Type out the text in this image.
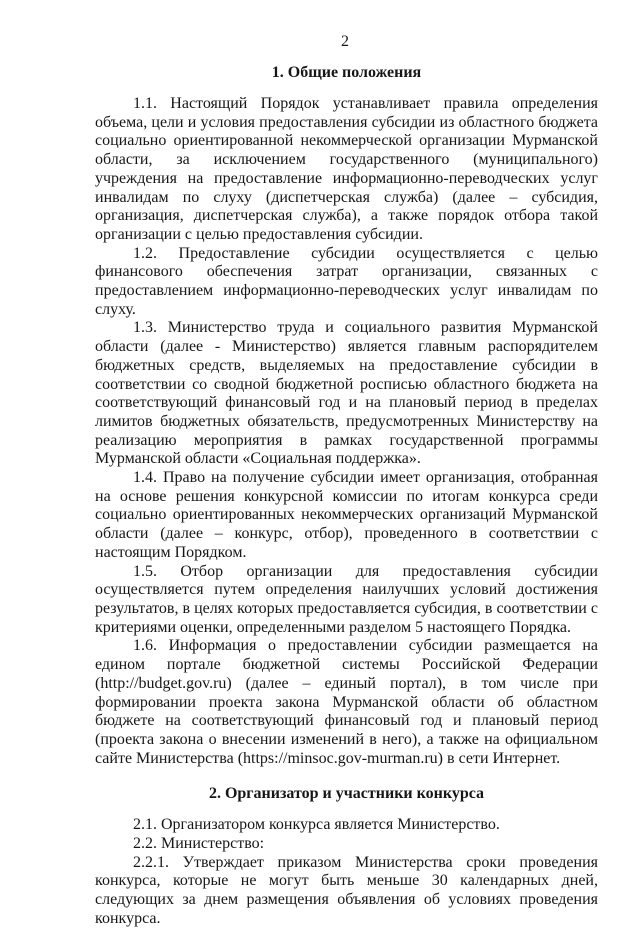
2
1. Общие положения

1.1. Настоящий Порядок устанавливает правила определения объема, цели и условия предоставления субсидии из областного бюджета социально ориентированной некоммерческой организации Мурманской области, за исключением государственного (муниципального) учреждения на предоставление информационно-переводческих услуг инвалидам по слуху (диспетчерская служба) (далее – субсидия, организация, диспетчерская служба), а также порядок отбора такой организации с целью предоставления субсидии.

1.2. Предоставление субсидии осуществляется с целью финансового обеспечения затрат организации, связанных с предоставлением информационно-переводческих услуг инвалидам по слуху.

1.3. Министерство труда и социального развития Мурманской области (далее - Министерство) является главным распорядителем бюджетных средств, выделяемых на предоставление субсидии в соответствии со сводной бюджетной росписью областного бюджета на соответствующий финансовый год и на плановый период в пределах лимитов бюджетных обязательств, предусмотренных Министерству на реализацию мероприятия в рамках государственной программы Мурманской области «Социальная поддержка».

1.4. Право на получение субсидии имеет организация, отобранная на основе решения конкурсной комиссии по итогам конкурса среди социально ориентированных некоммерческих организаций Мурманской области (далее – конкурс, отбор), проведенного в соответствии с настоящим Порядком.

1.5. Отбор организации для предоставления субсидии осуществляется путем определения наилучших условий достижения результатов, в целях которых предоставляется субсидия, в соответствии с критериями оценки, определенными разделом 5 настоящего Порядка.

1.6. Информация о предоставлении субсидии размещается на едином портале бюджетной системы Российской Федерации (http://budget.gov.ru) (далее – единый портал), в том числе при формировании проекта закона Мурманской области об областном бюджете на соответствующий финансовый год и плановый период (проекта закона о внесении изменений в него), а также на официальном сайте Министерства (https://minsoc.gov-murman.ru) в сети Интернет.

2. Организатор и участники конкурса

2.1. Организатором конкурса является Министерство.

2.2. Министерство:

2.2.1. Утверждает приказом Министерства сроки проведения конкурса, которые не могут быть меньше 30 календарных дней, следующих за днем размещения объявления об условиях проведения конкурса.
